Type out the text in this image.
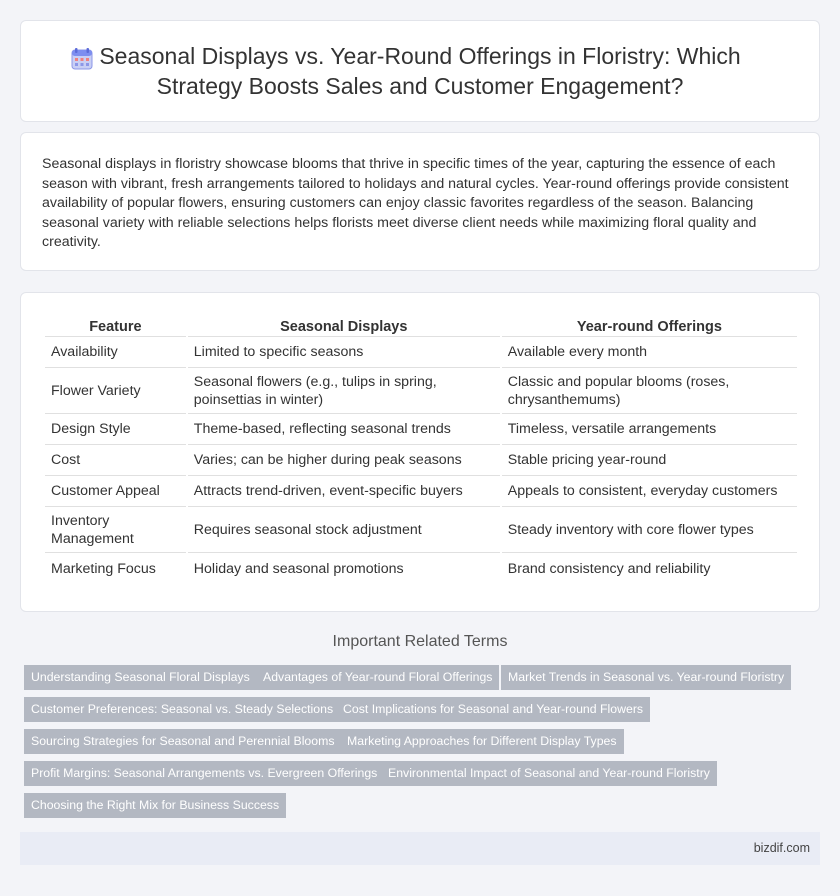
Seasonal Displays vs. Year-Round Offerings in Floristry: Which Strategy Boosts Sales and Customer Engagement?

Seasonal displays in floristry showcase blooms that thrive in specific times of the year, capturing the essence of each season with vibrant, fresh arrangements tailored to holidays and natural cycles. Year-round offerings provide consistent availability of popular flowers, ensuring customers can enjoy classic favorites regardless of the season. Balancing seasonal variety with reliable selections helps florists meet diverse client needs while maximizing floral quality and creativity.

Feature	Seasonal Displays	Year-round Offerings
Availability	Limited to specific seasons	Available every month
Flower Variety	Seasonal flowers (e.g., tulips in spring, poinsettias in winter)	Classic and popular blooms (roses, chrysanthemums)
Design Style	Theme-based, reflecting seasonal trends	Timeless, versatile arrangements
Cost	Varies; can be higher during peak seasons	Stable pricing year-round
Customer Appeal	Attracts trend-driven, event-specific buyers	Appeals to consistent, everyday customers
Inventory Management	Requires seasonal stock adjustment	Steady inventory with core flower types
Marketing Focus	Holiday and seasonal promotions	Brand consistency and reliability
Important Related Terms
Understanding Seasonal Floral Displays	Advantages of Year-round Floral Offerings	Market Trends in Seasonal vs. Year-round Floristry
Customer Preferences: Seasonal vs. Steady Selections Cost Implications for Seasonal and Year-round Flowers
Sourcing Strategies for Seasonal and Perennial Blooms	Marketing Approaches for Different Display Types
Profit Margins: Seasonal Arrangements vs. Evergreen Offerings Environmental Impact of Seasonal and Year-round Floristry
Choosing the Right Mix for Business Success
bizdif.com
